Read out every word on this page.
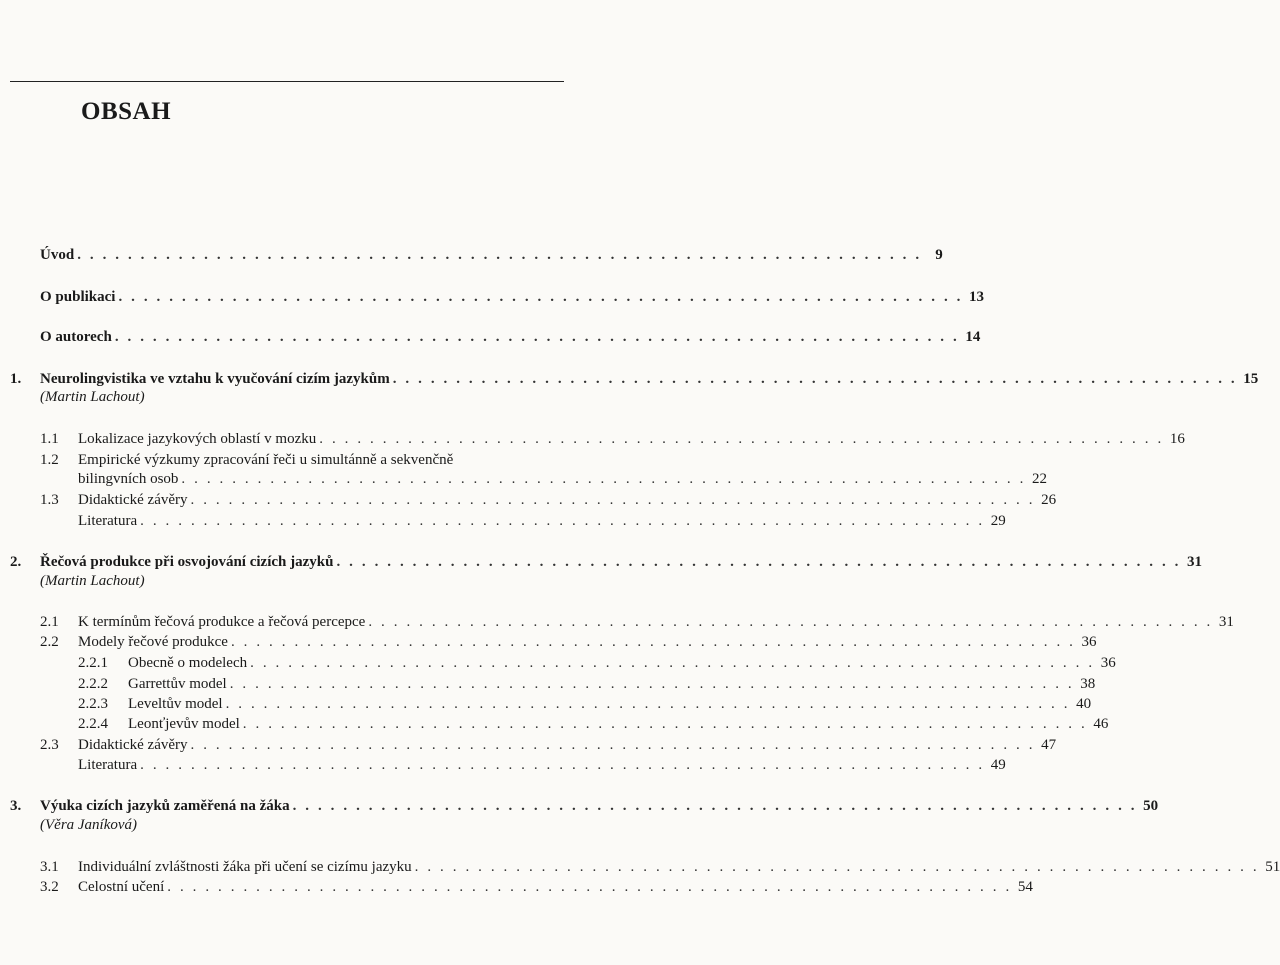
OBSAH
Úvod . . . . . . . . . . . . . . . . . . . . . . . . . . . . . . . . . . . . . . . . . . . . . . . . . . . . . . . . . . . . . . . . . . . 9
O publikaci . . . . . . . . . . . . . . . . . . . . . . . . . . . . . . . . . . . . . . . . . . . . . . . . . . . . . . . . . . . . . . . . . . . 13
O autorech . . . . . . . . . . . . . . . . . . . . . . . . . . . . . . . . . . . . . . . . . . . . . . . . . . . . . . . . . . . . . . . . . . . 14
1. Neurolingvistika ve vztahu k vyučování cizím jazykům . . . . . . . . . . . . . . . . . . . . . . . . . . . . . . . . . . . . . . . . . . . . . . . . . . . . . . . . . . . . . . . . . . . 15
(Martin Lachout)
1.1 Lokalizace jazykových oblastí v mozku . . . . . . . . . . . . . . . . . . . . . . . . . . . . . . . . . . . . . . . . . . . . . . . . . . . . . . . . . . . . . . . . . . . 16
1.2 Empirické výzkumy zpracování řeči u simultánně a sekvenčně
bilingvních osob . . . . . . . . . . . . . . . . . . . . . . . . . . . . . . . . . . . . . . . . . . . . . . . . . . . . . . . . . . . . . . . . . . . 22
1.3 Didaktické závěry . . . . . . . . . . . . . . . . . . . . . . . . . . . . . . . . . . . . . . . . . . . . . . . . . . . . . . . . . . . . . . . . . . . 26
Literatura . . . . . . . . . . . . . . . . . . . . . . . . . . . . . . . . . . . . . . . . . . . . . . . . . . . . . . . . . . . . . . . . . . . 29
2. Řečová produkce při osvojování cizích jazyků . . . . . . . . . . . . . . . . . . . . . . . . . . . . . . . . . . . . . . . . . . . . . . . . . . . . . . . . . . . . . . . . . . . 31
(Martin Lachout)
2.1 K termínům řečová produkce a řečová percepce . . . . . . . . . . . . . . . . . . . . . . . . . . . . . . . . . . . . . . . . . . . . . . . . . . . . . . . . . . . . . . . . . . . 31
2.2 Modely řečové produkce . . . . . . . . . . . . . . . . . . . . . . . . . . . . . . . . . . . . . . . . . . . . . . . . . . . . . . . . . . . . . . . . . . . 36
2.2.1 Obecně o modelech . . . . . . . . . . . . . . . . . . . . . . . . . . . . . . . . . . . . . . . . . . . . . . . . . . . . . . . . . . . . . . . . . . . 36
2.2.2 Garrettův model . . . . . . . . . . . . . . . . . . . . . . . . . . . . . . . . . . . . . . . . . . . . . . . . . . . . . . . . . . . . . . . . . . . 38
2.2.3 Leveltův model . . . . . . . . . . . . . . . . . . . . . . . . . . . . . . . . . . . . . . . . . . . . . . . . . . . . . . . . . . . . . . . . . . . 40
2.2.4 Leonťjevův model . . . . . . . . . . . . . . . . . . . . . . . . . . . . . . . . . . . . . . . . . . . . . . . . . . . . . . . . . . . . . . . . . . . 46
2.3 Didaktické závěry . . . . . . . . . . . . . . . . . . . . . . . . . . . . . . . . . . . . . . . . . . . . . . . . . . . . . . . . . . . . . . . . . . . 47
Literatura . . . . . . . . . . . . . . . . . . . . . . . . . . . . . . . . . . . . . . . . . . . . . . . . . . . . . . . . . . . . . . . . . . . 49
3. Výuka cizích jazyků zaměřená na žáka . . . . . . . . . . . . . . . . . . . . . . . . . . . . . . . . . . . . . . . . . . . . . . . . . . . . . . . . . . . . . . . . . . . 50
(Věra Janíková)
3.1 Individuální zvláštnosti žáka při učení se cizímu jazyku . . . . . . . . . . . . . . . . . . . . . . . . . . . . . . . . . . . . . . . . . . . . . . . . . . . . . . . . . . . . . . . . . . . 51
3.2 Celostní učení . . . . . . . . . . . . . . . . . . . . . . . . . . . . . . . . . . . . . . . . . . . . . . . . . . . . . . . . . . . . . . . . . . . 54
